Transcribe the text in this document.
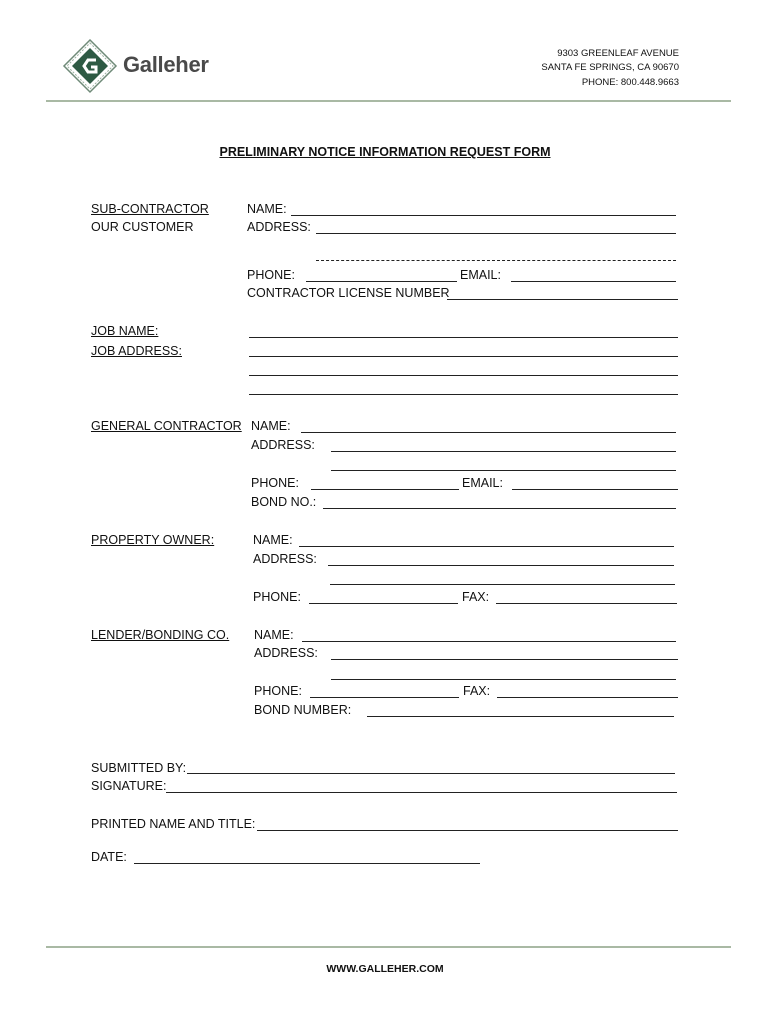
Galleher	9303 GREENLEAF AVENUE
SANTA FE SPRINGS, CA 90670
PHONE: 800.448.9663
PRELIMINARY NOTICE INFORMATION REQUEST FORM
SUB-CONTRACTOR
OUR CUSTOMER
NAME:
ADDRESS:
PHONE:	EMAIL:
CONTRACTOR LICENSE NUMBER
JOB NAME:
JOB ADDRESS:
GENERAL CONTRACTOR NAME:
ADDRESS:
PHONE:	EMAIL:
BOND NO.:
PROPERTY OWNER:	NAME:
ADDRESS:
PHONE:	FAX:
LENDER/BONDING CO. NAME:
ADDRESS:
PHONE:	FAX:
BOND NUMBER:
SUBMITTED BY:
SIGNATURE:
PRINTED NAME AND TITLE:
DATE:
WWW.GALLEHER.COM
